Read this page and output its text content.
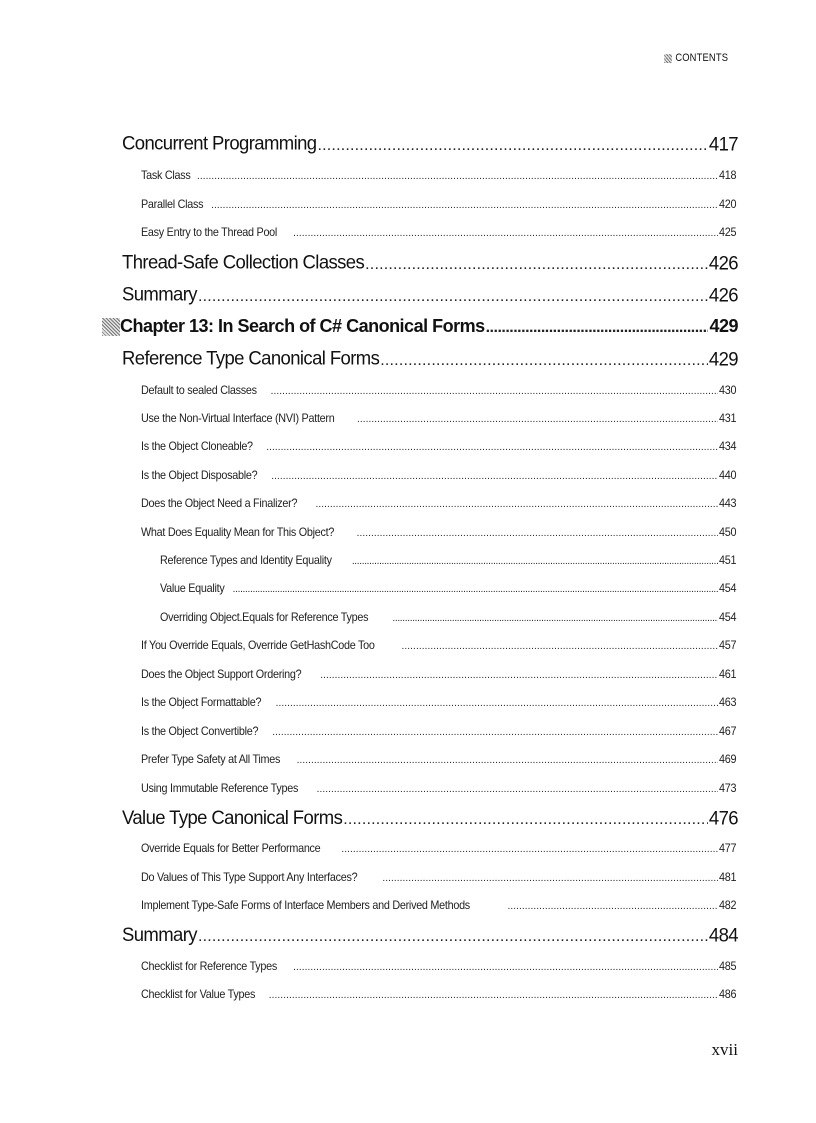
CONTENTS
Concurrent Programming .....	417
Task Class .....	418
Parallel Class .....	420
Easy Entry to the Thread Pool .....	425
Thread-Safe Collection Classes .....	426
Summary .....	426
Chapter 13: In Search of C# Canonical Forms .....	429
Reference Type Canonical Forms .....	429
Default to sealed Classes .....	430
Use the Non-Virtual Interface (NVI) Pattern .....	431
Is the Object Cloneable? .....	434
Is the Object Disposable? .....	440
Does the Object Need a Finalizer? .....	443
What Does Equality Mean for This Object? .....	450
Reference Types and Identity Equality .....	451
Value Equality .....	454
Overriding Object.Equals for Reference Types .....	454
If You Override Equals, Override GetHashCode Too .....	457
Does the Object Support Ordering? .....	461
Is the Object Formattable? .....	463
Is the Object Convertible? .....	467
Prefer Type Safety at All Times .....	469
Using Immutable Reference Types .....	473
Value Type Canonical Forms .....	476
Override Equals for Better Performance .....	477
Do Values of This Type Support Any Interfaces? .....	481
Implement Type-Safe Forms of Interface Members and Derived Methods .....	482
Summary .....	484
Checklist for Reference Types .....	485
Checklist for Value Types .....	486
xvii
